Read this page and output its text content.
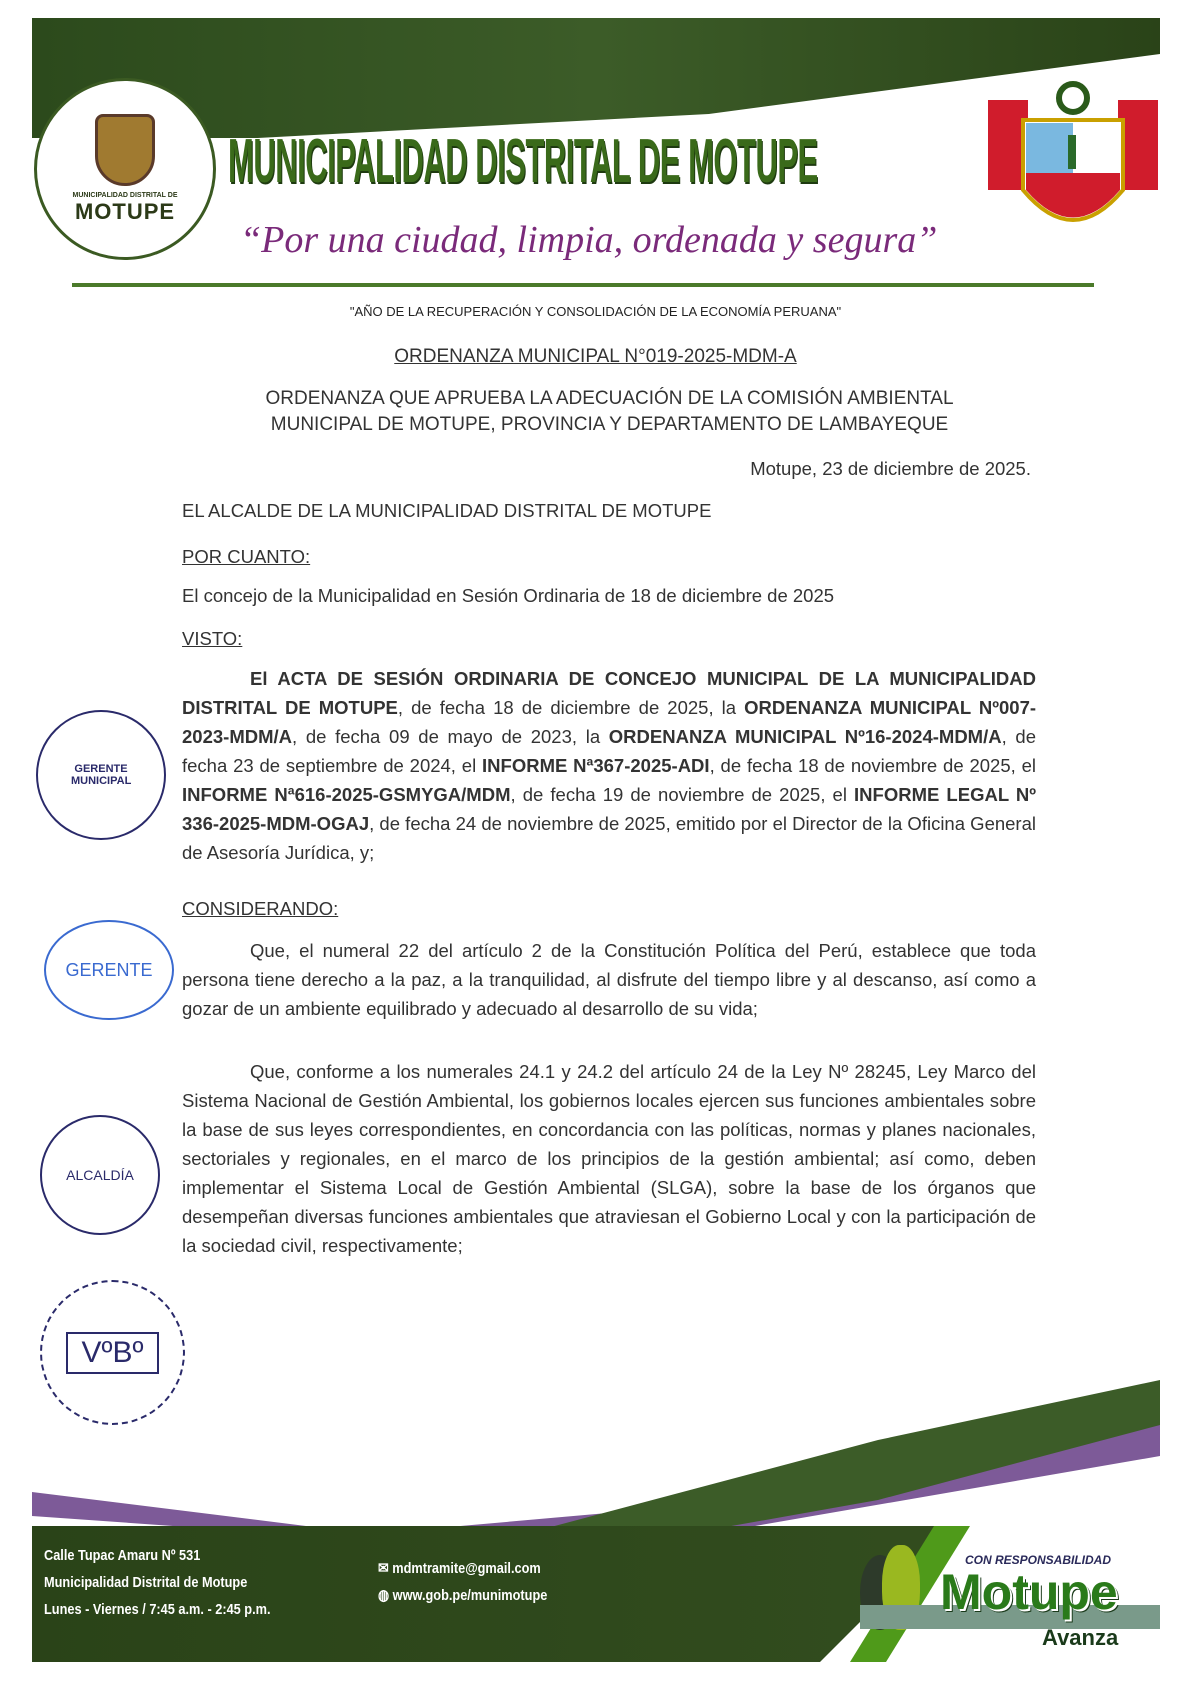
MUNICIPALIDAD DISTRITAL DE
MOTUPE
MUNICIPALIDAD DISTRITAL DE MOTUPE
“Por una ciudad, limpia, ordenada y segura”
"AÑO DE LA RECUPERACIÓN Y CONSOLIDACIÓN DE LA ECONOMÍA PERUANA"
ORDENANZA MUNICIPAL N°019-2025-MDM-A
ORDENANZA QUE APRUEBA LA ADECUACIÓN DE LA COMISIÓN AMBIENTAL
MUNICIPAL DE MOTUPE, PROVINCIA Y DEPARTAMENTO DE LAMBAYEQUE
Motupe, 23 de diciembre de 2025.
EL ALCALDE DE LA MUNICIPALIDAD DISTRITAL DE MOTUPE
POR CUANTO:
El concejo de la Municipalidad en Sesión Ordinaria de 18 de diciembre de 2025
VISTO:
El ACTA DE SESIÓN ORDINARIA DE CONCEJO MUNICIPAL DE LA MUNICIPALIDAD DISTRITAL DE MOTUPE, de fecha 18 de diciembre de 2025, la ORDENANZA MUNICIPAL Nº007-2023-MDM/A, de fecha 09 de mayo de 2023, la ORDENANZA MUNICIPAL Nº16-2024-MDM/A, de fecha 23 de septiembre de 2024, el INFORME Nª367-2025-ADI, de fecha 18 de noviembre de 2025, el INFORME Nª616-2025-GSMYGA/MDM, de fecha 19 de noviembre de 2025, el INFORME LEGAL Nº 336-2025-MDM-OGAJ, de fecha 24 de noviembre de 2025, emitido por el Director de la Oficina General de Asesoría Jurídica, y;
CONSIDERANDO:
Que, el numeral 22 del artículo 2 de la Constitución Política del Perú, establece que toda persona tiene derecho a la paz, a la tranquilidad, al disfrute del tiempo libre y al descanso, así como a gozar de un ambiente equilibrado y adecuado al desarrollo de su vida;
Que, conforme a los numerales 24.1 y 24.2 del artículo 24 de la Ley Nº 28245, Ley Marco del Sistema Nacional de Gestión Ambiental, los gobiernos locales ejercen sus funciones ambientales sobre la base de sus leyes correspondientes, en concordancia con las políticas, normas y planes nacionales, sectoriales y regionales, en el marco de los principios de la gestión ambiental; así como, deben implementar el Sistema Local de Gestión Ambiental (SLGA), sobre la base de los órganos que desempeñan diversas funciones ambientales que atraviesan el Gobierno Local y con la participación de la sociedad civil, respectivamente;
GERENTE MUNICIPAL
GERENTE
ALCALDÍA
VºBº
Calle Tupac Amaru Nº 531
Municipalidad Distrital de Motupe
Lunes - Viernes / 7:45 a.m. - 2:45 p.m.
✉ mdmtramite@gmail.com
◍ www.gob.pe/munimotupe
CON RESPONSABILIDAD
Motupe
Avanza
